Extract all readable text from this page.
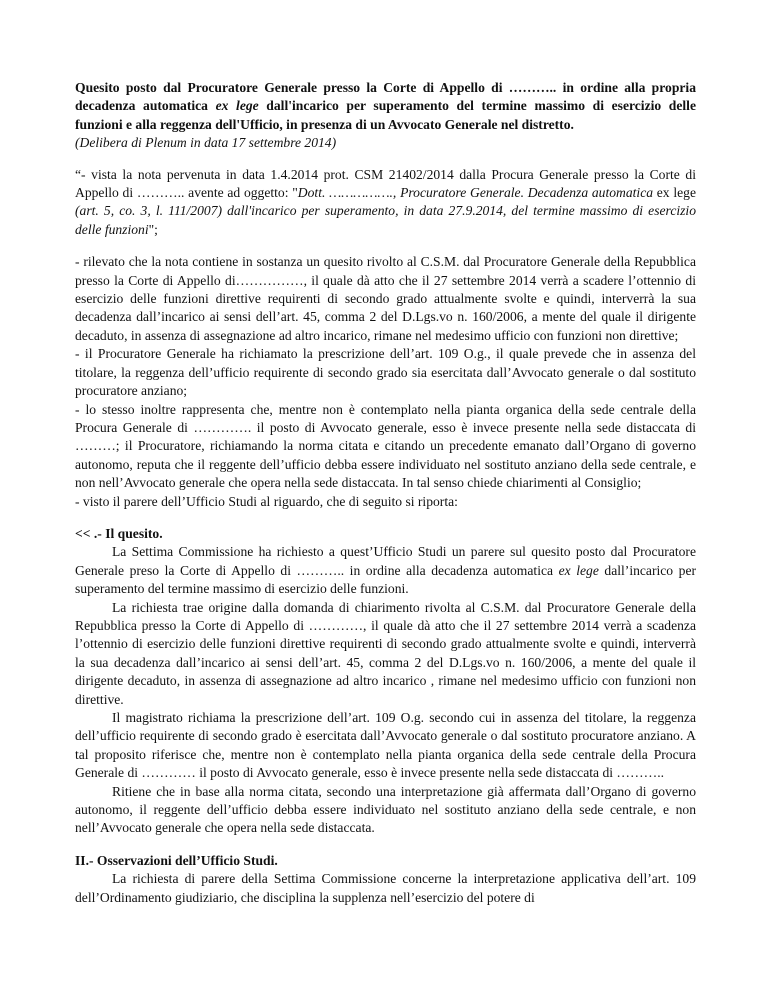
Quesito posto dal Procuratore Generale presso la Corte di Appello di ……….. in ordine alla propria decadenza automatica ex lege dall'incarico per superamento del termine massimo di esercizio delle funzioni e alla reggenza dell'Ufficio, in presenza di un Avvocato Generale nel distretto.

(Delibera di Plenum in data 17 settembre 2014)

“- vista la nota pervenuta in data 1.4.2014 prot. CSM 21402/2014 dalla Procura Generale presso la Corte di Appello di ……….. avente ad oggetto: "Dott. ……………., Procuratore Generale. Decadenza automatica ex lege (art. 5, co. 3, l. 111/2007) dall'incarico per superamento, in data 27.9.2014, del termine massimo di esercizio delle funzioni";

- rilevato che la nota contiene in sostanza un quesito rivolto al C.S.M. dal Procuratore Generale della Repubblica presso la Corte di Appello di……………, il quale dà atto che il 27 settembre 2014 verrà a scadere l’ottennio di esercizio delle funzioni direttive requirenti di secondo grado attualmente svolte e quindi, interverrà la sua decadenza dall’incarico ai sensi dell’art. 45, comma 2 del D.Lgs.vo n. 160/2006, a mente del quale il dirigente decaduto, in assenza di assegnazione ad altro incarico, rimane nel medesimo ufficio con funzioni non direttive;

- il Procuratore Generale ha richiamato la prescrizione dell’art. 109 O.g., il quale prevede che in assenza del titolare, la reggenza dell’ufficio requirente di secondo grado sia esercitata dall’Avvocato generale o dal sostituto procuratore anziano;

- lo stesso inoltre rappresenta che, mentre non è contemplato nella pianta organica della sede centrale della Procura Generale di …………. il posto di Avvocato generale, esso è invece presente nella sede distaccata di ………; il Procuratore, richiamando la norma citata e citando un precedente emanato dall’Organo di governo autonomo, reputa che il reggente dell’ufficio debba essere individuato nel sostituto anziano della sede centrale, e non nell’Avvocato generale che opera nella sede distaccata. In tal senso chiede chiarimenti al Consiglio;

- visto il parere dell’Ufficio Studi al riguardo, che di seguito si riporta:

<< .- Il quesito.

La Settima Commissione ha richiesto a quest’Ufficio Studi un parere sul quesito posto dal Procuratore Generale preso la Corte di Appello di ……….. in ordine alla decadenza automatica ex lege dall’incarico per superamento del termine massimo di esercizio delle funzioni.

La richiesta trae origine dalla domanda di chiarimento rivolta al C.S.M. dal Procuratore Generale della Repubblica presso la Corte di Appello di …………, il quale dà atto che il 27 settembre 2014 verrà a scadenza l’ottennio di esercizio delle funzioni direttive requirenti di secondo grado attualmente svolte e quindi, interverrà la sua decadenza dall’incarico ai sensi dell’art. 45, comma 2 del D.Lgs.vo n. 160/2006, a mente del quale il dirigente decaduto, in assenza di assegnazione ad altro incarico , rimane nel medesimo ufficio con funzioni non direttive.

Il magistrato richiama la prescrizione dell’art. 109 O.g. secondo cui in assenza del titolare, la reggenza dell’ufficio requirente di secondo grado è esercitata dall’Avvocato generale o dal sostituto procuratore anziano. A tal proposito riferisce che, mentre non è contemplato nella pianta organica della sede centrale della Procura Generale di ………… il posto di Avvocato generale, esso è invece presente nella sede distaccata di ………..

Ritiene che in base alla norma citata, secondo una interpretazione già affermata dall’Organo di governo autonomo, il reggente dell’ufficio debba essere individuato nel sostituto anziano della sede centrale, e non nell’Avvocato generale che opera nella sede distaccata.

II.- Osservazioni dell’Ufficio Studi.

La richiesta di parere della Settima Commissione concerne la interpretazione applicativa dell’art. 109 dell’Ordinamento giudiziario, che disciplina la supplenza nell’esercizio del potere di
